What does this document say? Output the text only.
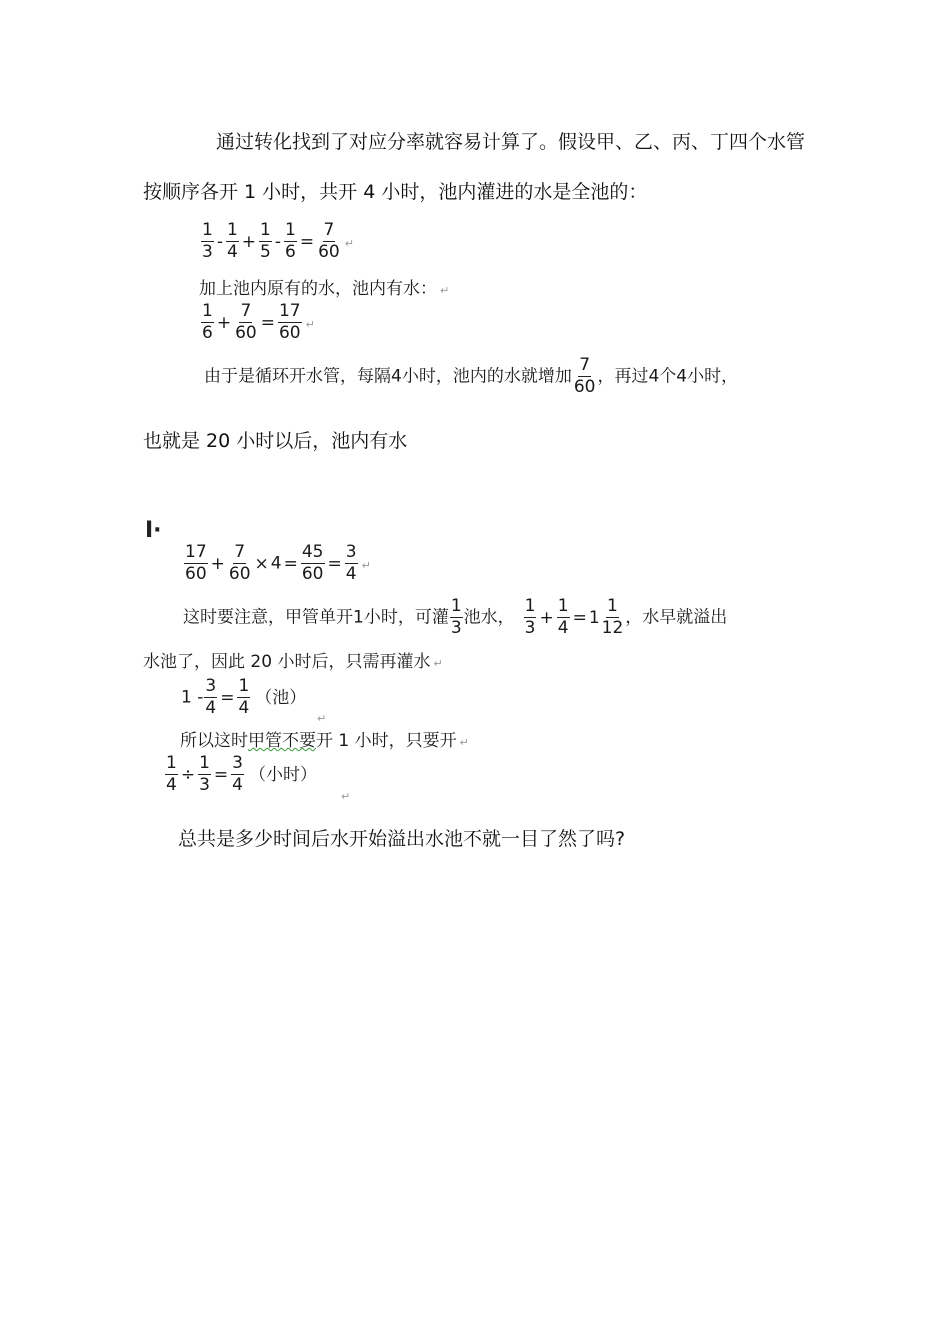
通过转化找到了对应分率就容易计算了。假设甲、乙、丙、丁四个水管
按顺序各开 1 小时，共开 4 小时，池内灌进的水是全池的：
$\frac{1}{3} - \frac{1}{4} + \frac{1}{5} - \frac{1}{6} = \frac{7}{60}$ ↵
加上池内原有的水，池内有水： ↵
$\frac{1}{6} + \frac{7}{60} = \frac{17}{60}$ ↵
由于是循环开水管，每隔4小时，池内的水就增加 $\frac{7}{60}$ ，再过4个4小时，
也就是 20 小时以后，池内有水
I·
$\frac{17}{60} + \frac{7}{60} \times 4 = \frac{45}{60} = \frac{3}{4}$ ↵
这时要注意，甲管单开1小时，可灌 $\frac{1}{3}$ 池水， $\frac{1}{3} + \frac{1}{4} = 1 \frac{1}{12}$ ，水早就溢出
水池了，因此 20 小时后，只需再灌水 ↵
$1 - \frac{3}{4} = \frac{1}{4}$ （池）
↵
所以这时甲管不要开 1 小时，只要开 ↵
$\frac{1}{4} \div \frac{1}{3} = \frac{3}{4}$ （小时）
↵
总共是多少时间后水开始溢出水池不就一目了然了吗?
